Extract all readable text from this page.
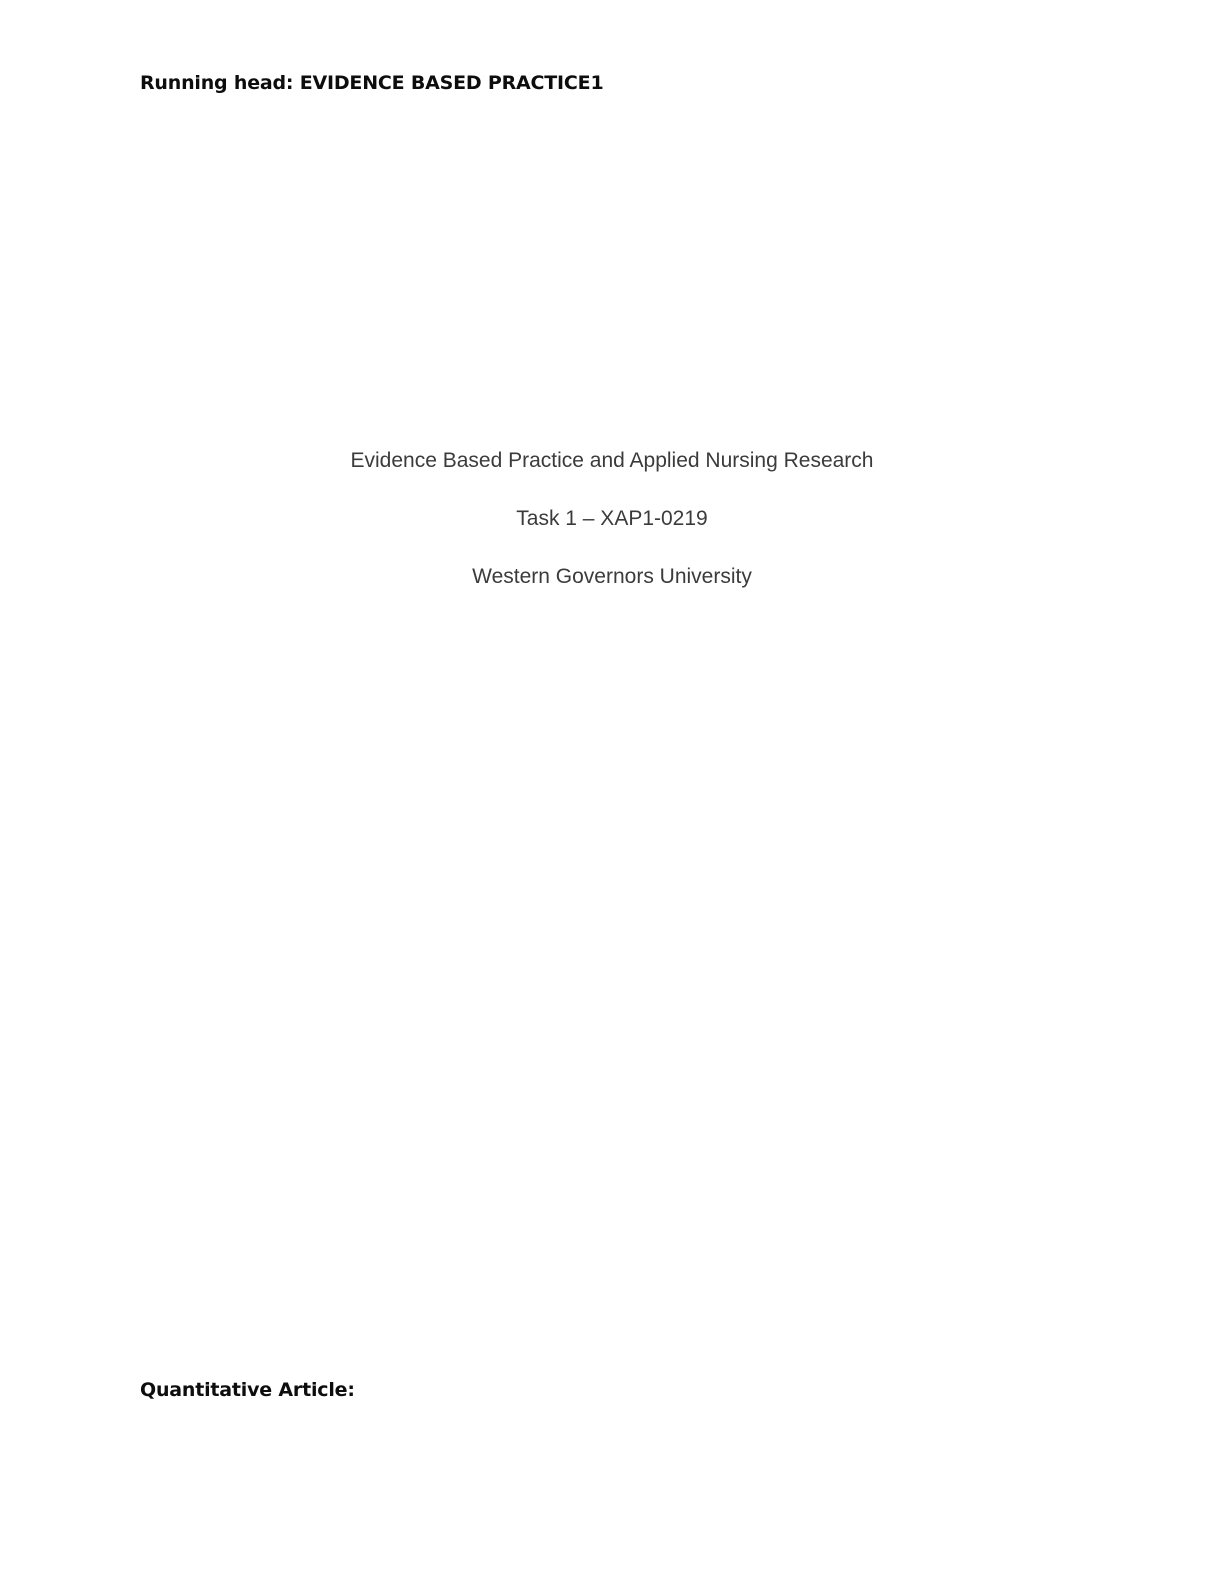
Running head: EVIDENCE BASED PRACTICE1
Evidence Based Practice and Applied Nursing Research
Task 1 – XAP1-0219
Western Governors University
Quantitative Article:
